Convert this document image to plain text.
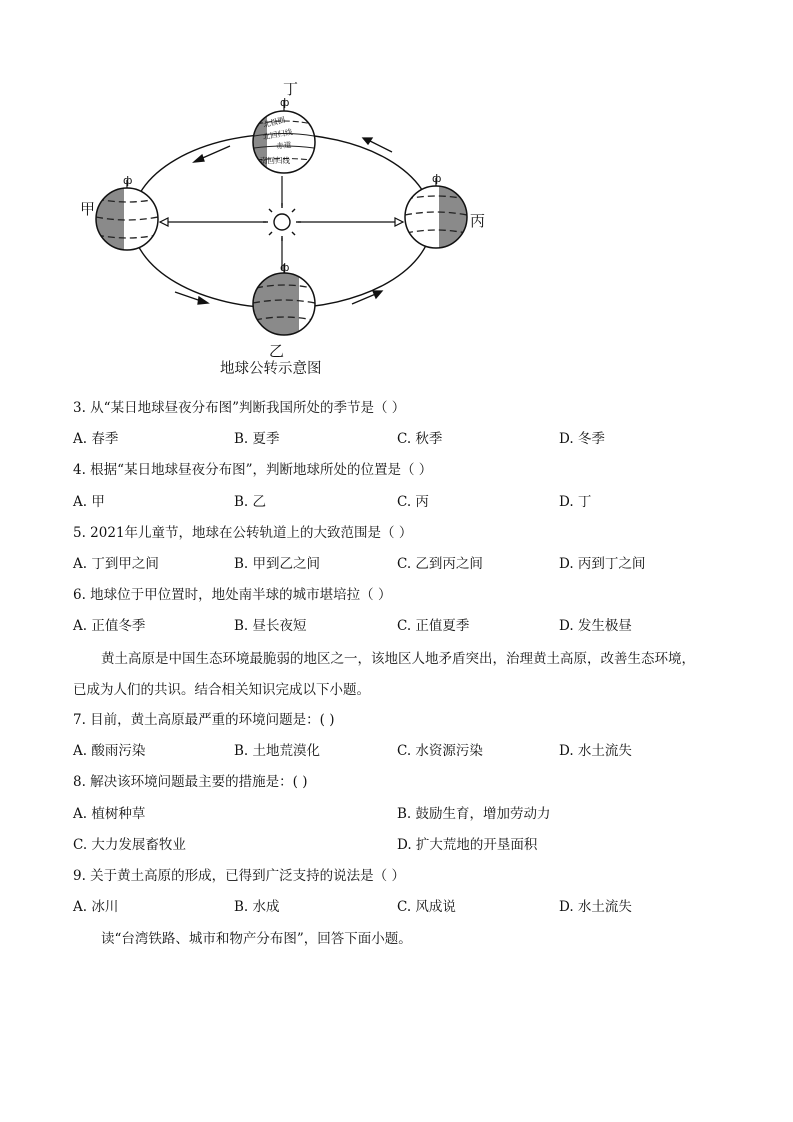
ф
ф
北极圈
北回归线
赤道
南回归线
ф
ф
甲
丁
丙
乙
地球公转示意图
3. 从“某日地球昼夜分布图”判断我国所处的季节是（ ）
A. 春季	B. 夏季	C. 秋季	D. 冬季
4. 根据“某日地球昼夜分布图”，判断地球所处的位置是（ ）
A. 甲	B. 乙	C. 丙	D. 丁
5. 2021年儿童节，地球在公转轨道上的大致范围是（ ）
A. 丁到甲之间	B. 甲到乙之间	C. 乙到丙之间	D. 丙到丁之间
6. 地球位于甲位置时，地处南半球的城市堪培拉（ ）
A. 正值冬季	B. 昼长夜短	C. 正值夏季	D. 发生极昼
黄土高原是中国生态环境最脆弱的地区之一，该地区人地矛盾突出，治理黄土高原，改善生态环境，
已成为人们的共识。结合相关知识完成以下小题。
7. 目前，黄土高原最严重的环境问题是：( )
A. 酸雨污染	B. 土地荒漠化	C. 水资源污染	D. 水土流失
8. 解决该环境问题最主要的措施是：( )
A. 植树种草	B. 鼓励生育，增加劳动力
C. 大力发展畜牧业	D. 扩大荒地的开垦面积
9. 关于黄土高原的形成，已得到广泛支持的说法是（ ）
A. 冰川	B. 水成	C. 风成说	D. 水土流失
读“台湾铁路、城市和物产分布图”，回答下面小题。
